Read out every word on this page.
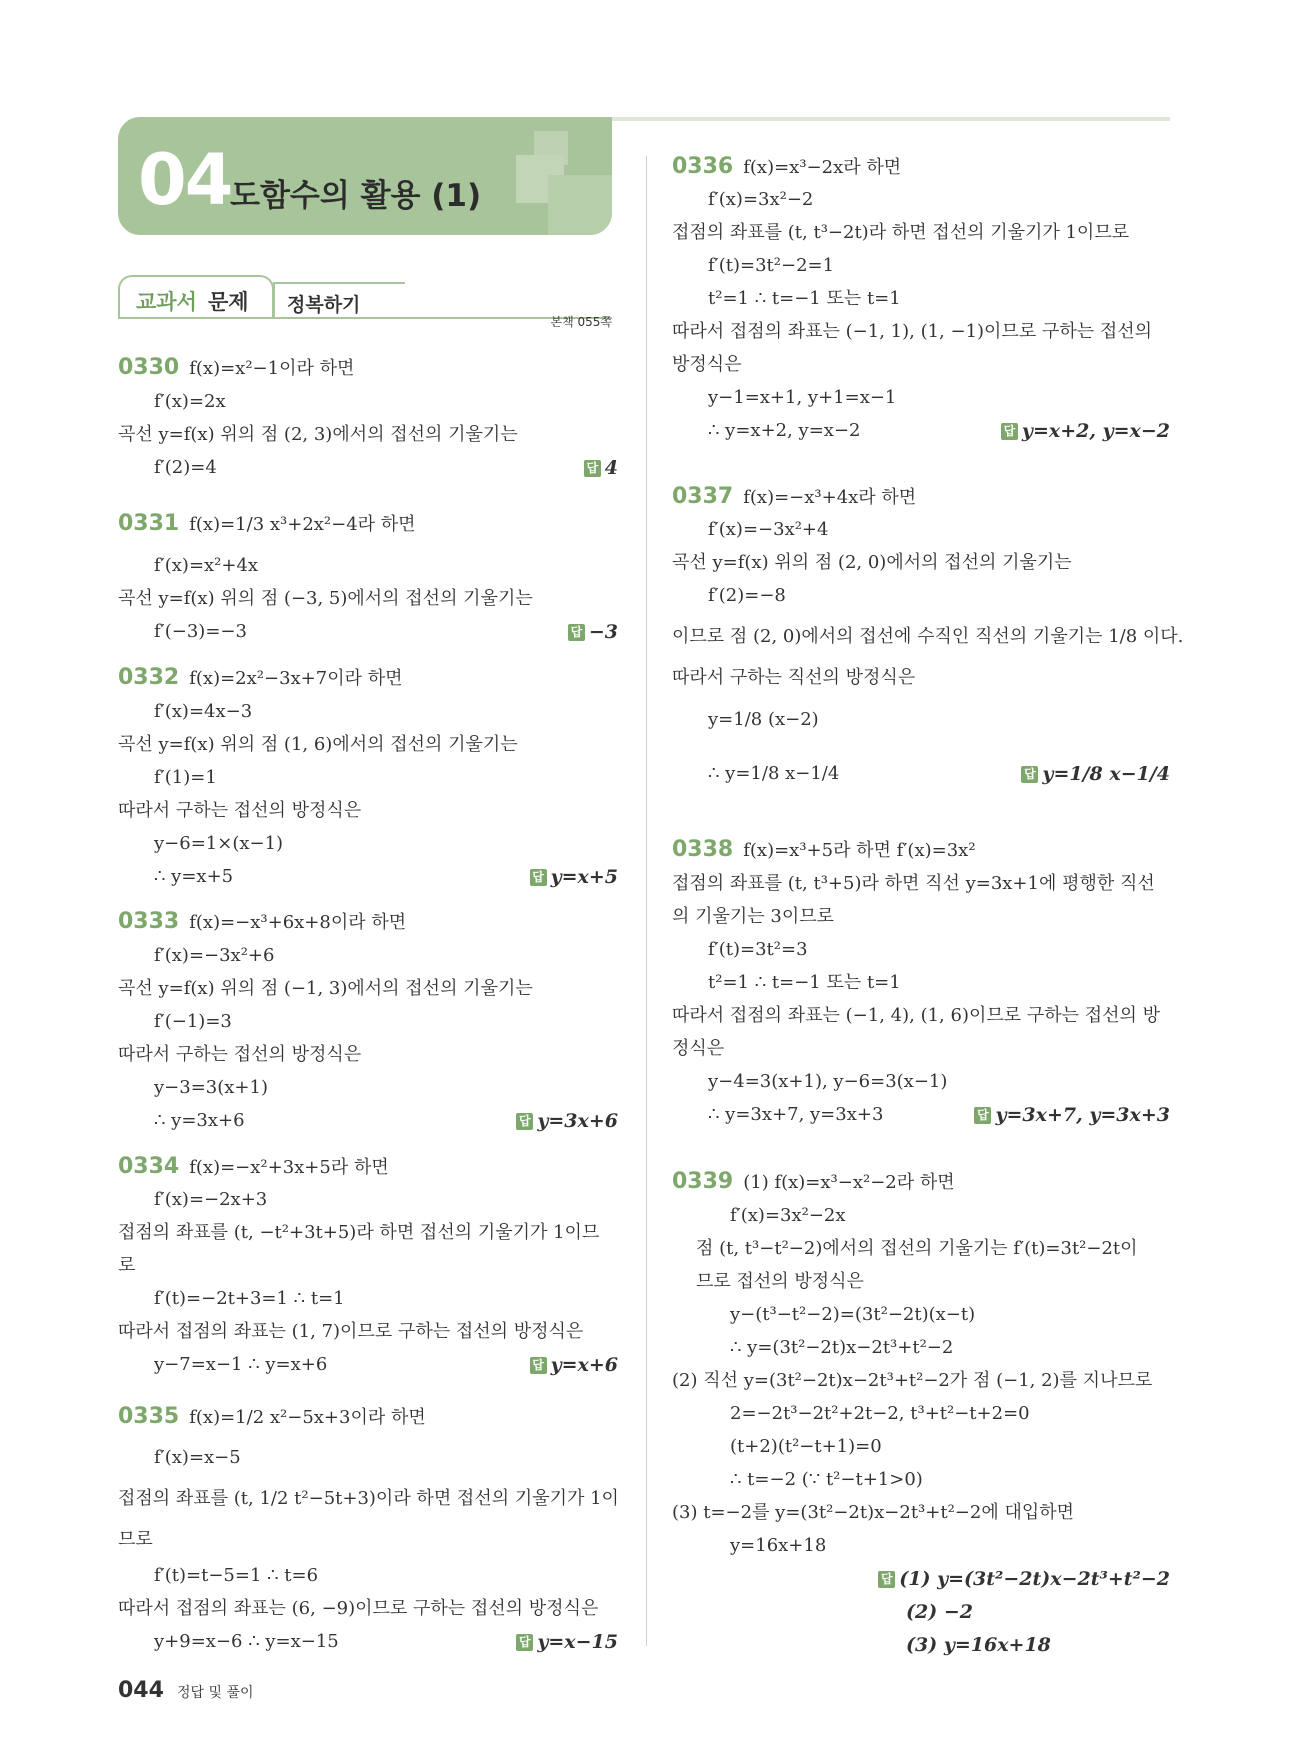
04
도함수의 활용 (1)
교과서 문제 정복하기
본책 055쪽
0330 f(x)=x²−1이라 하면
f′(x)=2x
곡선 y=f(x) 위의 점 (2, 3)에서의 접선의 기울기는
f′(2)=4	답 4
0331 f(x)=1/3 x³+2x²−4라 하면
f′(x)=x²+4x
곡선 y=f(x) 위의 점 (−3, 5)에서의 접선의 기울기는
f′(−3)=−3	답 −3
0332 f(x)=2x²−3x+7이라 하면
f′(x)=4x−3
곡선 y=f(x) 위의 점 (1, 6)에서의 접선의 기울기는
f′(1)=1
따라서 구하는 접선의 방정식은
y−6=1×(x−1)
∴ y=x+5	답 y=x+5
0333 f(x)=−x³+6x+8이라 하면
f′(x)=−3x²+6
곡선 y=f(x) 위의 점 (−1, 3)에서의 접선의 기울기는
f′(−1)=3
따라서 구하는 접선의 방정식은
y−3=3(x+1)
∴ y=3x+6	답 y=3x+6
0334 f(x)=−x²+3x+5라 하면
f′(x)=−2x+3
접점의 좌표를 (t, −t²+3t+5)라 하면 접선의 기울기가 1이므
로
f′(t)=−2t+3=1 ∴ t=1
따라서 접점의 좌표는 (1, 7)이므로 구하는 접선의 방정식은
y−7=x−1 ∴ y=x+6	답 y=x+6
0335 f(x)=1/2 x²−5x+3이라 하면
f′(x)=x−5
접점의 좌표를 (t, 1/2 t²−5t+3)이라 하면 접선의 기울기가 1이
므로
f′(t)=t−5=1 ∴ t=6
따라서 접점의 좌표는 (6, −9)이므로 구하는 접선의 방정식은
y+9=x−6 ∴ y=x−15	답 y=x−15
0336 f(x)=x³−2x라 하면
f′(x)=3x²−2
접점의 좌표를 (t, t³−2t)라 하면 접선의 기울기가 1이므로
f′(t)=3t²−2=1
t²=1 ∴ t=−1 또는 t=1
따라서 접점의 좌표는 (−1, 1), (1, −1)이므로 구하는 접선의
방정식은
y−1=x+1, y+1=x−1
∴ y=x+2, y=x−2	답 y=x+2, y=x−2
0337 f(x)=−x³+4x라 하면
f′(x)=−3x²+4
곡선 y=f(x) 위의 점 (2, 0)에서의 접선의 기울기는
f′(2)=−8
이므로 점 (2, 0)에서의 접선에 수직인 직선의 기울기는 1/8 이다.
따라서 구하는 직선의 방정식은
y=1/8 (x−2)
∴ y=1/8 x−1/4	답 y=1/8 x−1/4
0338 f(x)=x³+5라 하면 f′(x)=3x²
접점의 좌표를 (t, t³+5)라 하면 직선 y=3x+1에 평행한 직선
의 기울기는 3이므로
f′(t)=3t²=3
t²=1 ∴ t=−1 또는 t=1
따라서 접점의 좌표는 (−1, 4), (1, 6)이므로 구하는 접선의 방
정식은
y−4=3(x+1), y−6=3(x−1)
∴ y=3x+7, y=3x+3	답 y=3x+7, y=3x+3
0339 (1) f(x)=x³−x²−2라 하면
f′(x)=3x²−2x
점 (t, t³−t²−2)에서의 접선의 기울기는 f′(t)=3t²−2t이
므로 접선의 방정식은
y−(t³−t²−2)=(3t²−2t)(x−t)
∴ y=(3t²−2t)x−2t³+t²−2
(2) 직선 y=(3t²−2t)x−2t³+t²−2가 점 (−1, 2)를 지나므로
2=−2t³−2t²+2t−2, t³+t²−t+2=0
(t+2)(t²−t+1)=0
∴ t=−2 (∵ t²−t+1>0)
(3) t=−2를 y=(3t²−2t)x−2t³+t²−2에 대입하면
y=16x+18
답 (1) y=(3t²−2t)x−2t³+t²−2
(2) −2
(3) y=16x+18
044 정답 및 풀이
